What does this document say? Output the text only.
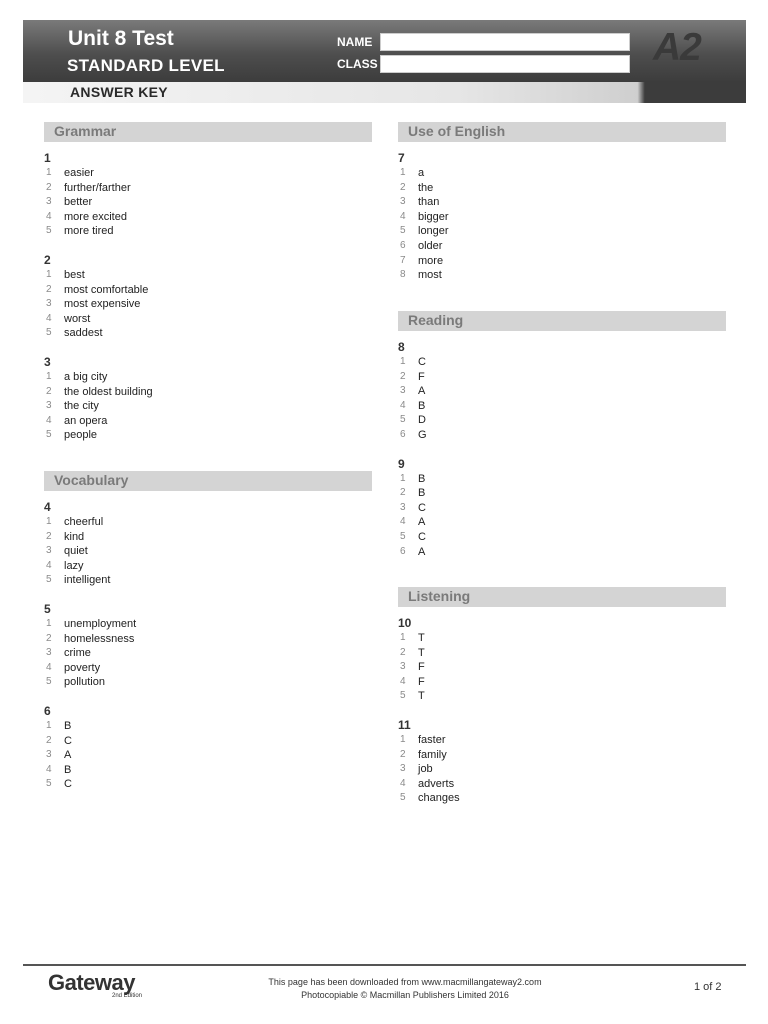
Unit 8 Test
STANDARD LEVEL
NAME
CLASS	A2
ANSWER KEY
Grammar
1
1 easier
2 further/farther
3 better
4 more excited
5 more tired
2
1 best
2 most comfortable
3 most expensive
4 worst
5 saddest
3
1 a big city
2 the oldest building
3 the city
4 an opera
5 people
Vocabulary
4
1 cheerful
2 kind
3 quiet
4 lazy
5 intelligent
5
1 unemployment
2 homelessness
3 crime
4 poverty
5 pollution
6
1 B
2 C
3 A
4 B
5 C
Use of English
7
1 a
2 the
3 than
4 bigger
5 longer
6 older
7 more
8 most
Reading
8
1 C
2 F
3 A
4 B
5 D
6 G
9
1 B
2 B
3 C
4 A
5 C
6 A
Listening
10
1 T
2 T
3 F
4 F
5 T
11
1 faster
2 family
3 job
4 adverts
5 changes
Gateway
2nd Edition
This page has been downloaded from www.macmillangateway2.com
Photocopiable © Macmillan Publishers Limited 2016
1 of 2
